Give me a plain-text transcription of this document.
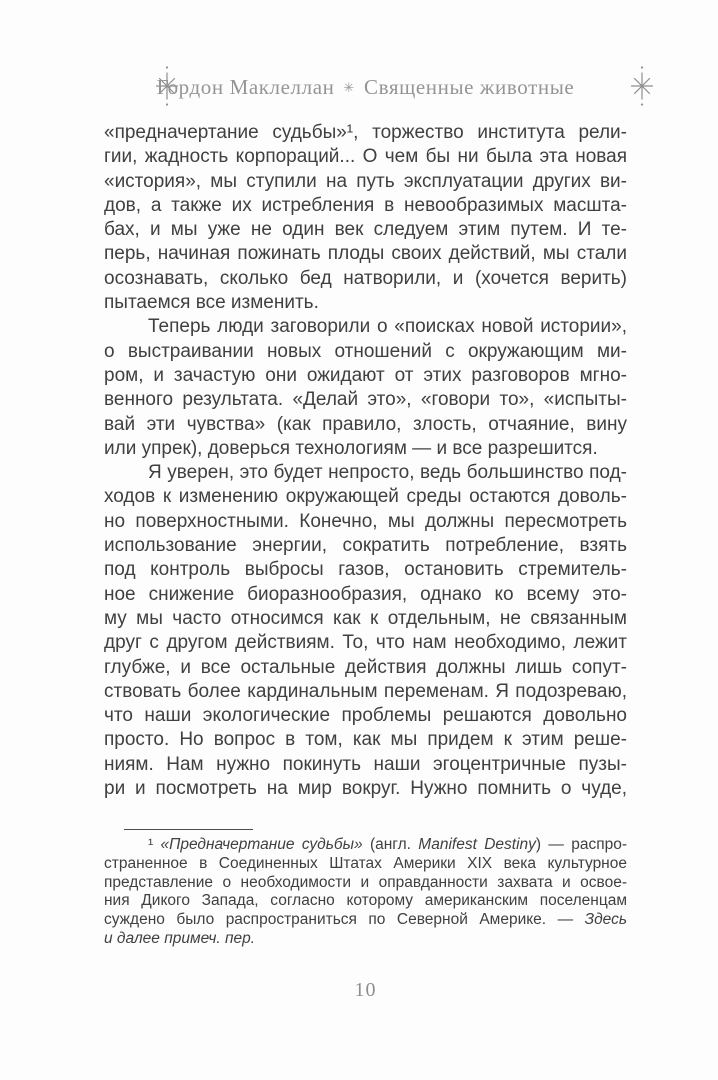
Гордон Маклеллан ✳ Священные животные
«предначертание судьбы»¹, торжество института рели-
гии, жадность корпораций... О чем бы ни была эта новая
«история», мы ступили на путь эксплуатации других ви-
дов, а также их истребления в невообразимых масшта-
бах, и мы уже не один век следуем этим путем. И те-
перь, начиная пожинать плоды своих действий, мы стали
осознавать, сколько бед натворили, и (хочется верить)
пытаемся все изменить.
Теперь люди заговорили о «поисках новой истории»,
о выстраивании новых отношений с окружающим ми-
ром, и зачастую они ожидают от этих разговоров мгно-
венного результата. «Делай это», «говори то», «испыты-
вай эти чувства» (как правило, злость, отчаяние, вину
или упрек), доверься технологиям — и все разрешится.
Я уверен, это будет непросто, ведь большинство под-
ходов к изменению окружающей среды остаются доволь-
но поверхностными. Конечно, мы должны пересмотреть
использование энергии, сократить потребление, взять
под контроль выбросы газов, остановить стремитель-
ное снижение биоразнообразия, однако ко всему это-
му мы часто относимся как к отдельным, не связанным
друг с другом действиям. То, что нам необходимо, лежит
глубже, и все остальные действия должны лишь сопут-
ствовать более кардинальным переменам. Я подозреваю,
что наши экологические проблемы решаются довольно
просто. Но вопрос в том, как мы придем к этим реше-
ниям. Нам нужно покинуть наши эгоцентричные пузы-
ри и посмотреть на мир вокруг. Нужно помнить о чуде,
¹ «Предначертание судьбы» (англ. Manifest Destiny) — распро-
страненное в Соединенных Штатах Америки XIX века культурное
представление о необходимости и оправданности захвата и освое-
ния Дикого Запада, согласно которому американским поселенцам
суждено было распространиться по Северной Америке. — Здесь
и далее примеч. пер.
10
